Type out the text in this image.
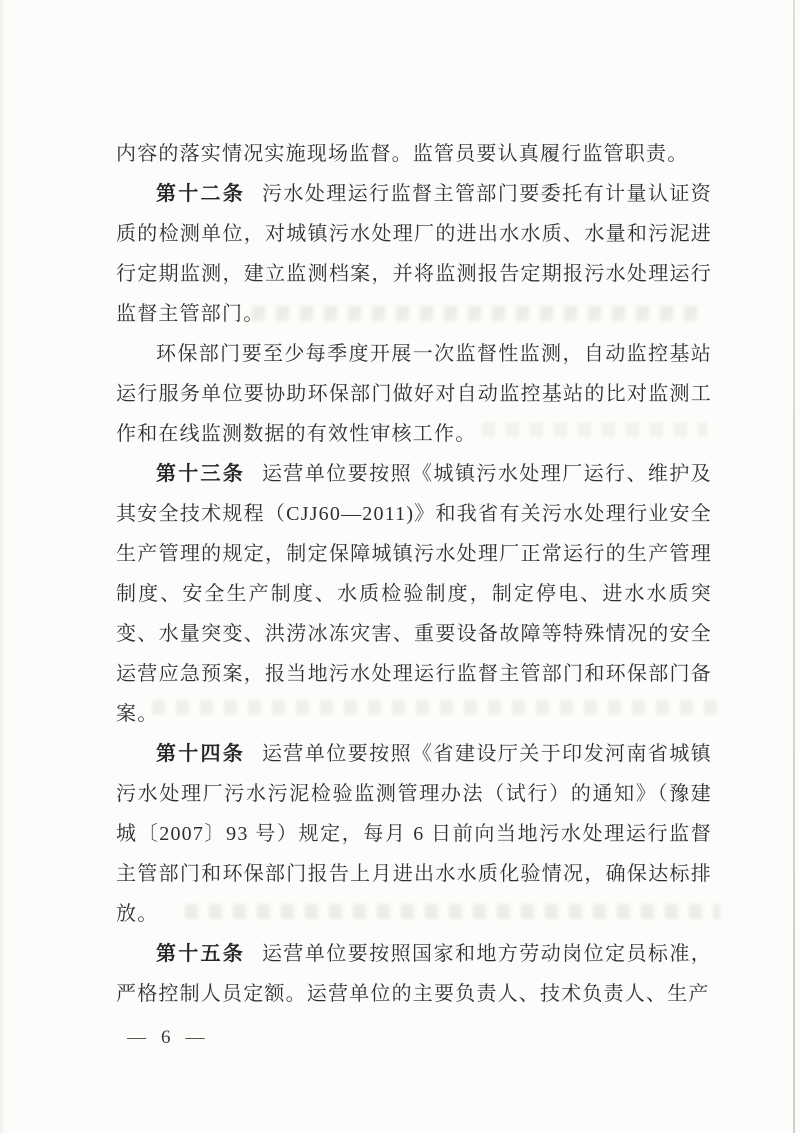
内容的落实情况实施现场监督。监管员要认真履行监管职责。

第十二条 污水处理运行监督主管部门要委托有计量认证资质的检测单位，对城镇污水处理厂的进出水水质、水量和污泥进行定期监测，建立监测档案，并将监测报告定期报污水处理运行监督主管部门。

环保部门要至少每季度开展一次监督性监测，自动监控基站运行服务单位要协助环保部门做好对自动监控基站的比对监测工作和在线监测数据的有效性审核工作。

第十三条 运营单位要按照《城镇污水处理厂运行、维护及其安全技术规程（CJJ60—2011)》和我省有关污水处理行业安全生产管理的规定，制定保障城镇污水处理厂正常运行的生产管理制度、安全生产制度、水质检验制度，制定停电、进水水质突变、水量突变、洪涝冰冻灾害、重要设备故障等特殊情况的安全运营应急预案，报当地污水处理运行监督主管部门和环保部门备案。

第十四条 运营单位要按照《省建设厅关于印发河南省城镇污水处理厂污水污泥检验监测管理办法（试行）的通知》（豫建城〔2007〕93 号）规定，每月 6 日前向当地污水处理运行监督主管部门和环保部门报告上月进出水水质化验情况，确保达标排放。

第十五条 运营单位要按照国家和地方劳动岗位定员标准，严格控制人员定额。运营单位的主要负责人、技术负责人、生产

— 6 —
